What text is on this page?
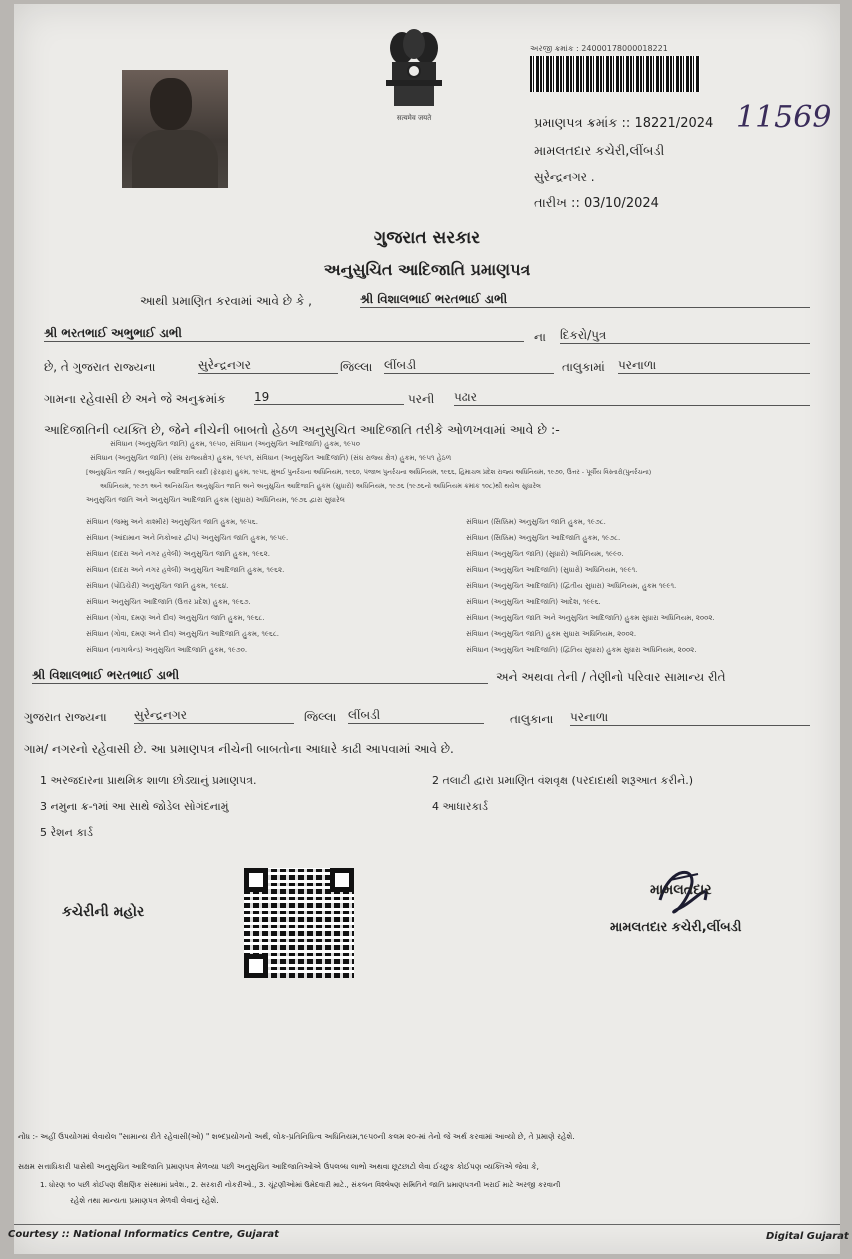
सत्यमेव जयते
અરજી ક્રમાંક : 24000178000018221
પ્રમાણપત્ર ક્રમાંક :: 18221/2024 11569
મામલતદાર કચેરી,લીંબડી
સુરેન્દ્રનગર .
તારીખ :: 03/10/2024
ગુજરાત સરકાર
અનુસુચિત આદિજાતિ પ્રમાણપત્ર
આથી પ્રમાણિત કરવામાં આવે છે કે ,	શ્રી વિશાલભાઈ ભરતભાઈ ડાભી
શ્રી ભરતભાઈ અભુભાઈ ડાભી	ના દિકરો/પુત્ર
છે, તે ગુજરાત રાજ્યના	સુરેન્દ્રનગર	જિલ્લા લીંબડી	તાલુકામાં પરનાળા
ગામના રહેવાસી છે અને જે અનુક્રમાંક 19	પરની પઢાર
આદિજાતિની વ્યક્તિ છે, જેને નીચેની બાબતો હેઠળ અનુસુચિત આદિજાતિ તરીકે ઓળખવામાં આવે છે :-
સંવિધાન (અનુસુચિત જાતિ) હુકમ, ૧૯૫૦, સંવિધાન (અનુસુચિત આદિજાતિ) હુકમ, ૧૯૫૦
સંવિધાન (અનુસુચિત જાતિ) (સંઘ રાજ્યક્ષેત્ર) હુકમ, ૧૯૫૧, સંવિધાન (અનુસુચિત આદિજાતિ) (સંઘ રાજ્ય ક્ષેત્ર) હુકમ, ૧૯૫૧ હેઠળ
[અનુસુચિત જાતિ / અનુસુચિત આદિજાતિ યાદી (ફેરફાર) હુકમ, ૧૯૫૬, મુંબઈ પુનર્રચના અધિનિયમ, ૧૯૬૦, પંજાબ પુનર્રચના અધિનિયમ, ૧૯૬૬, હિમાચલ પ્રદેશ રાજ્ય અધિનિયમ, ૧૯૭૦, ઉત્તર - પૂર્વીય વિસ્તારો(પુનર્રચના)
અધિનિયમ, ૧૯૭૧ અને અનિસચિત અનુસુચિત જાતિ અને અનુસુચિત આદિજાતિ હુકમ (સુધારો) અધિનિયમ, ૧૯૭૬ (૧૯૭૬નો અધિનિયમ ક્રમાંક ૧૦૮)થી થયેલ સુધારેલ
અનુસુચિત જાતિ અને અનુસુચિત આદિજાતિ હુકમ (સુધારા) અધિનિયમ, ૧૯૭૬ દ્વારા સુધારેલ
સંવિધાન (જમ્મુ અને કાશ્મીર) અનુસુચિત જાતિ હુકમ, ૧૯૫૬.
સંવિધાન (આંદામાન અને નિકોબાર દ્વીપ) અનુસુચિત જાતિ હુકમ, ૧૯૫૯.
સંવિધાન (દાદરા અને નગર હવેલી) અનુસુચિત જાતિ હુકમ, ૧૯૬૨.
સંવિધાન (દાદરા અને નગર હવેલી) અનુસુચિત આદિજાતિ હુકમ, ૧૯૬૨.
સંવિધાન (પોંડિચેરી) અનુસુચિત જાતિ હુકમ, ૧૯૬૪.
સંવિધાન અનુસુચિત આદિજાતિ (ઉત્તર પ્રદેશ) હુકમ, ૧૯૬૭.
સંવિધાન (ગોવા, દમણ અને દીવ) અનુસુચિત જાતિ હુકમ, ૧૯૬૮.
સંવિધાન (ગોવા, દમણ અને દીવ) અનુસુચિત આદિજાતિ હુકમ, ૧૯૬૮.
સંવિધાન (નાગાલેન્ડ) અનુસુચિત આદિજાતિ હુકમ, ૧૯૭૦.
સંવિધાન (સિક્કિમ) અનુસુચિત જાતિ હુકમ, ૧૯૭૮.
સંવિધાન (સિક્કિમ) અનુસુચિત આદિજાતિ હુકમ, ૧૯૭૮.
સંવિધાન (અનુસુચિત જાતિ) (સુધારો) અધિનિયમ, ૧૯૯૦.
સંવિધાન (અનુસુચિત આદિજાતિ) (સુધારો) અધિનિયમ, ૧૯૯૧.
સંવિધાન (અનુસુચિત આદિજાતિ) (દ્વિતીય સુધારા) અધિનિયમ, હુકમ ૧૯૯૧.
સંવિધાન (અનુસુચિત આદિજાતિ) આદેશ, ૧૯૯૬.
સંવિધાન (અનુસુચિત જાતિ અને અનુસુચિત આદિજાતિ) હુકમ સુધારા અધિનિયમ, ૨૦૦૨.
સંવિધાન (અનુસુચિત જાતિ) હુકમ સુધારા અધિનિયમ, ૨૦૦૨.
સંવિધાન (અનુસુચિત આદિજાતિ) (દ્વિતિય સુધારા) હુકમ સુધારા અધિનિયમ, ૨૦૦૨.
શ્રી વિશાલભાઈ ભરતભાઈ ડાભી	અને અથવા તેની / તેણીનો પરિવાર સામાન્ય રીતે
ગુજરાત રાજ્યના સુરેન્દ્રનગર	જિલ્લા લીંબડી	તાલુકાના પરનાળા
ગામ/ નગરનો રહેવાસી છે. આ પ્રમાણપત્ર નીચેની બાબતોના આધારે કાઢી આપવામાં આવે છે.
1 અરજદારના પ્રાથમિક શાળા છોડ્યાનું પ્રમાણપત્ર.	2 તલાટી દ્વારા પ્રમાણિત વંશવૃક્ષ (પરદાદાથી શરૂઆત કરીને.)
3 નમુના ક્ર-૧માં આ સાથે જોડેલ સોગંદનામું	4 આધારકાર્ડ
5 રેશન કાર્ડ
કચેરીની મહોર
મામલતદાર
મામલતદાર કચેરી,લીંબડી
નોંધ :- અહીં ઉપયોગમાં લેવાયેલ "સામાન્ય રીતે રહેવાસી(ઓ) " શબ્દપ્રયોગનો અર્થ, લોક-પ્રતિનિધિત્વ અધિનિયમ,૧૯૫૦ની કલમ ૨૦-માં તેનો જે અર્થ કરવામાં આવ્યો છે, તે પ્રમાણે રહેશે.
સક્ષમ સત્તાધિકારી પાસેથી અનુસુચિત આદિજાતિ પ્રમાણપત્ર મેળવ્યા પછી અનુસુચિત આદિજાતિઓએ ઉપલબ્ધ લાભો અથવા છૂટછાટો લેવા ઈચ્છુક કોઈપણ વ્યક્તિએ જેવા કે,
1. ધોરણ ૧૦ પછી કોઈપણ શૈક્ષણિક સંસ્થામાં પ્રવેશ., 2. સરકારી નોકરીઓ., 3. ચૂંટણીઓમાં ઉમેદવારી માટે., સંકલન વિશ્લેષણ સમિતિને જાતિ પ્રમાણપત્રની ખરાઈ માટે અરજી કરવાની
રહેશે તથા માન્યતા પ્રમાણપત્ર મેળવી લેવાનું રહેશે.
Courtesy :: National Informatics Centre, Gujarat	Digital Gujarat
